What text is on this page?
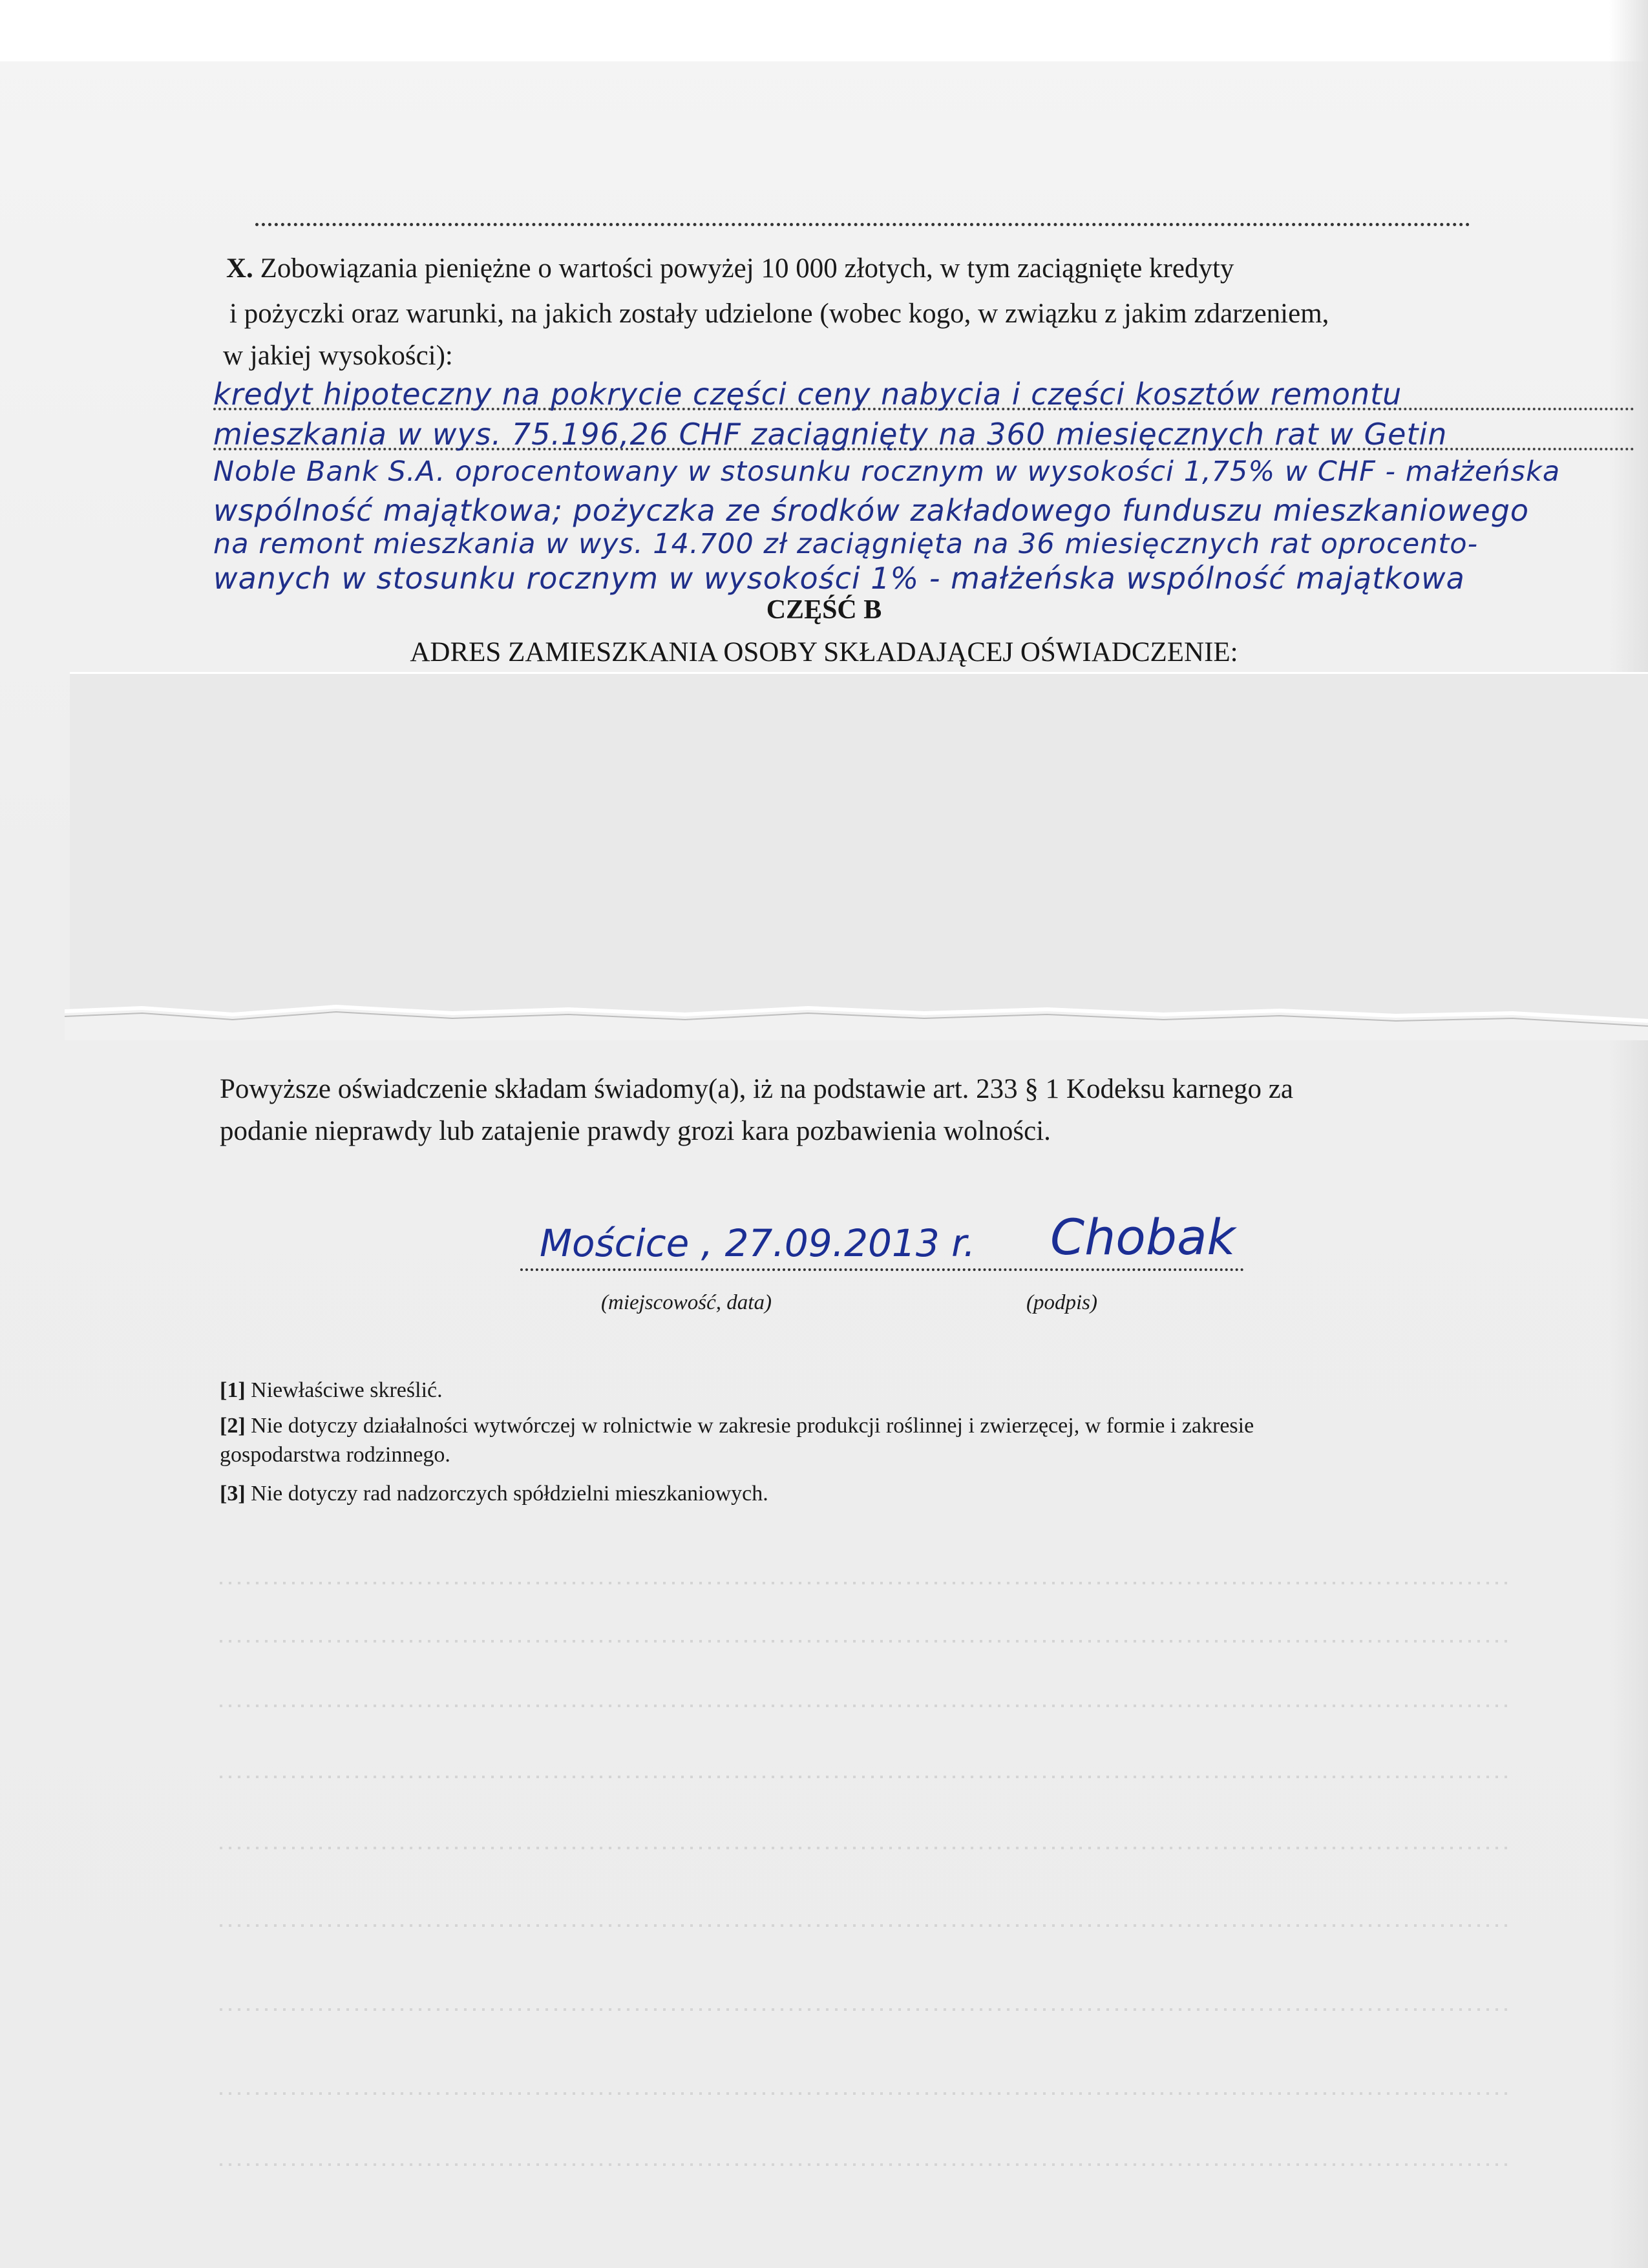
X. Zobowiązania pieniężne o wartości powyżej 10 000 złotych, w tym zaciągnięte kredyty
i pożyczki oraz warunki, na jakich zostały udzielone (wobec kogo, w związku z jakim zdarzeniem,
w jakiej wysokości):
kredyt hipoteczny na pokrycie części ceny nabycia i części kosztów remontu
mieszkania w wys. 75.196,26 CHF zaciągnięty na 360 miesięcznych rat w Getin
Noble Bank S.A. oprocentowany w stosunku rocznym w wysokości 1,75% w CHF - małżeńska
wspólność majątkowa; pożyczka ze środków zakładowego funduszu mieszkaniowego
na remont mieszkania w wys. 14.700 zł zaciągnięta na 36 miesięcznych rat oprocento-
wanych w stosunku rocznym w wysokości 1% - małżeńska wspólność majątkowa
CZĘŚĆ B
ADRES ZAMIESZKANIA OSOBY SKŁADAJĄCEJ OŚWIADCZENIE:
Powyższe oświadczenie składam świadomy(a), iż na podstawie art. 233 § 1 Kodeksu karnego za
podanie nieprawdy lub zatajenie prawdy grozi kara pozbawienia wolności.
Mościce , 27.09.2013 r. Chobak
(miejscowość, data)	(podpis)
[1] Niewłaściwe skreślić.
[2] Nie dotyczy działalności wytwórczej w rolnictwie w zakresie produkcji roślinnej i zwierzęcej, w formie i zakresie
gospodarstwa rodzinnego.
[3] Nie dotyczy rad nadzorczych spółdzielni mieszkaniowych.
